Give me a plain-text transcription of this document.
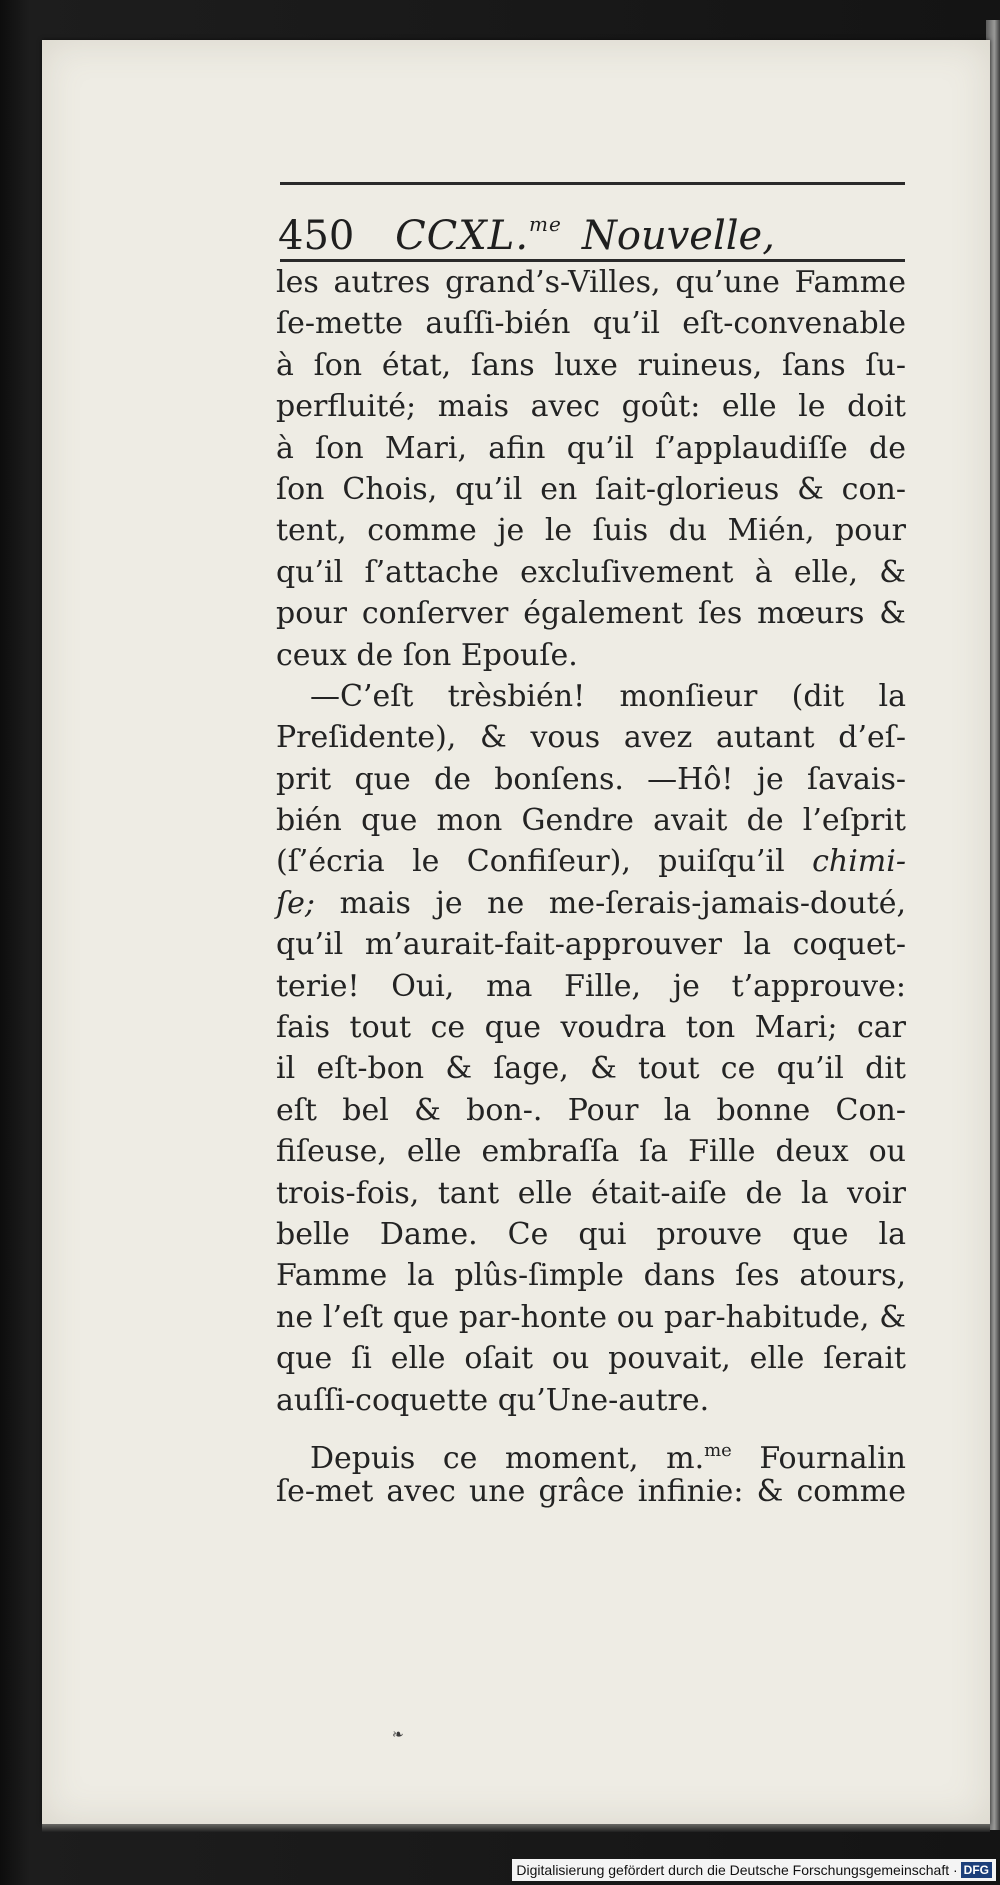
450 CCXL.$^{me}$ Nouvelle,
les autres grand’s-Villes, qu’une Famme
ſe-mette auſſi-bién qu’il eſt-convenable
à ſon état, ſans luxe ruineus, ſans ſu-
perfluité; mais avec goût: elle le doit
à ſon Mari, afin qu’il ſ’applaudiſſe de
ſon Chois, qu’il en ſait-glorieus & con-
tent, comme je le ſuis du Mién, pour
qu’il ſ’attache excluſivement à elle, &
pour conſerver également ſes mœurs &
ceux de ſon Epouſe.
—C’eſt trèsbién! monſieur (dit la
Preſidente), & vous avez autant d’eſ-
prit que de bonſens. —Hô! je ſavais-
bién que mon Gendre avait de l’eſprit
(ſ’écria le Confiſeur), puiſqu’il chimi-
ſe; mais je ne me-ſerais-jamais-douté,
qu’il m’aurait-fait-approuver la coquet-
terie! Oui, ma Fille, je t’approuve:
fais tout ce que voudra ton Mari; car
il eſt-bon & ſage, & tout ce qu’il dit
eſt bel & bon-. Pour la bonne Con-
fiſeuse, elle embraſſa ſa Fille deux ou
trois-fois, tant elle était-aiſe de la voir
belle Dame. Ce qui prouve que la
Famme la plûs-ſimple dans ſes atours,
ne l’eſt que par-honte ou par-habitude, &
que ſi elle oſait ou pouvait, elle ſerait
auſſi-coquette qu’Une-autre.
Depuis ce moment, m.$^{me}$ Fournalin
ſe-met avec une grâce infinie: & comme
❧
Digitalisierung gefördert durch die Deutsche Forschungsgemeinschaft · DFG
